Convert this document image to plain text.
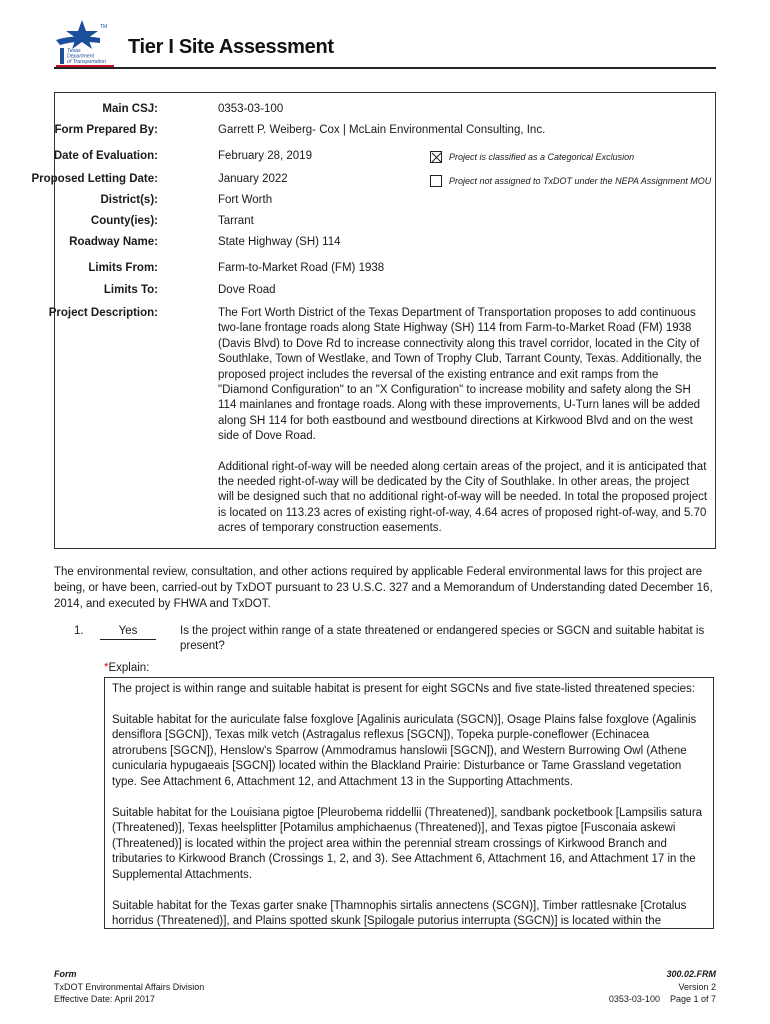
TM
Texas
Department
of Transportation
Tier I Site Assessment
Main CSJ:	0353-03-100
Form Prepared By:	Garrett P. Weiberg- Cox | McLain Environmental Consulting, Inc.
Date of Evaluation:	February 28, 2019
Proposed Letting Date:	January 2022
District(s):	Fort Worth
County(ies):	Tarrant
Roadway Name:	State Highway (SH) 114
Limits From:	Farm-to-Market Road (FM) 1938
Limits To:	Dove Road
Project Description:	The Fort Worth District of the Texas Department of Transportation proposes to add continuous two-lane frontage roads along State Highway (SH) 114 from Farm-to-Market Road (FM) 1938 (Davis Blvd) to Dove Rd to increase connectivity along this travel corridor, located in the City of Southlake, Town of Westlake, and Town of Trophy Club, Tarrant County, Texas. Additionally, the proposed project includes the reversal of the existing entrance and exit ramps from the "Diamond Configuration" to an "X Configuration" to increase mobility and safety along the SH 114 mainlanes and frontage roads. Along with these improvements, U-Turn lanes will be added along SH 114 for both eastbound and westbound directions at Kirkwood Blvd and on the west side of Dove Road.

Additional right-of-way will be needed along certain areas of the project, and it is anticipated that the needed right-of-way will be dedicated by the City of Southlake. In other areas, the project will be designed such that no additional right-of-way will be needed. In total the proposed project is located on 113.23 acres of existing right-of-way, 4.64 acres of proposed right-of-way, and 5.70 acres of temporary construction easements.

Project is classified as a Categorical Exclusion
Project not assigned to TxDOT under the NEPA Assignment MOU
The environmental review, consultation, and other actions required by applicable Federal environmental laws for this project are being, or have been, carried-out by TxDOT pursuant to 23 U.S.C. 327 and a Memorandum of Understanding dated December 16, 2014, and executed by FHWA and TxDOT.
1.	Yes	Is the project within range of a state threatened or endangered species or SGCN and suitable habitat is present?
*Explain:

The project is within range and suitable habitat is present for eight SGCNs and five state-listed threatened species:

Suitable habitat for the auriculate false foxglove [Agalinis auriculata (SGCN)], Osage Plains false foxglove (Agalinis densiflora [SGCN]), Texas milk vetch (Astragalus reflexus [SGCN]), Topeka purple-coneflower (Echinacea atrorubens [SGCN]), Henslow's Sparrow (Ammodramus hanslowii [SGCN]), and Western Burrowing Owl (Athene cunicularia hypugaeais [SGCN]) located within the Blackland Prairie: Disturbance or Tame Grassland vegetation type. See Attachment 6, Attachment 12, and Attachment 13 in the Supporting Attachments.

Suitable habitat for the Louisiana pigtoe [Pleurobema riddellii (Threatened)], sandbank pocketbook [Lampsilis satura (Threatened)], Texas heelsplitter [Potamilus amphichaenus (Threatened)], and Texas pigtoe [Fusconaia askewi (Threatened)] is located within the project area within the perennial stream crossings of Kirkwood Branch and tributaries to Kirkwood Branch (Crossings 1, 2, and 3). See Attachment 6, Attachment 16, and Attachment 17 in the Supplemental Attachments.

Suitable habitat for the Texas garter snake [Thamnophis sirtalis annectens (SCGN)], Timber rattlesnake [Crotalus horridus (Threatened)], and Plains spotted skunk [Spilogale putorius interrupta (SGCN)] is located within the

Form
TxDOT Environmental Affairs Division
Effective Date: April 2017
300.02.FRM
Version 2
0353-03-100 Page 1 of 7
